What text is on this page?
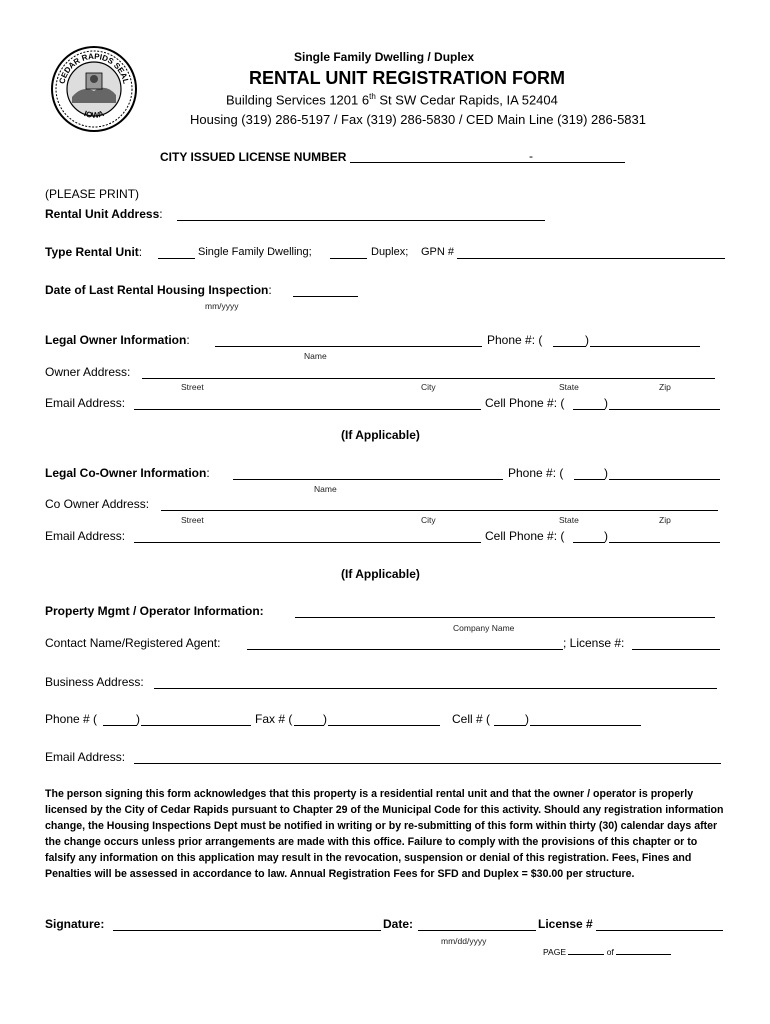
CEDAR RAPIDS SEAL
IOWA
Single Family Dwelling / Duplex
RENTAL UNIT REGISTRATION FORM
Building Services 1201 6th St SW Cedar Rapids, IA 52404
Housing (319) 286-5197 / Fax (319) 286-5830 / CED Main Line (319) 286-5831
CITY ISSUED LICENSE NUMBER	-
(PLEASE PRINT)
Rental Unit Address:
Type Rental Unit:	Single Family Dwelling;	Duplex; GPN #
Date of Last Rental Housing Inspection:
mm/yyyy
Legal Owner Information:	Phone #: (	)
Name
Owner Address:
Street	City	State	Zip
Email Address:	Cell Phone #: (	)
(If Applicable)
Legal Co-Owner Information:	Phone #: (	)
Name
Co Owner Address:
Street	City	State	Zip
Email Address:	Cell Phone #: (	)
(If Applicable)
Property Mgmt / Operator Information:
Company Name
Contact Name/Registered Agent:	; License #:
Business Address:
Phone # (	)	Fax # (	)	Cell # (	)
Email Address:
The person signing this form acknowledges that this property is a residential rental unit and that the owner / operator is properly licensed by the City of Cedar Rapids pursuant to Chapter 29 of the Municipal Code for this activity. Should any registration information change, the Housing Inspections Dept must be notified in writing or by re-submitting of this form within thirty (30) calendar days after the change occurs unless prior arrangements are made with this office. Failure to comply with the provisions of this chapter or to falsify any information on this application may result in the revocation, suspension or denial of this registration. Fees, Fines and Penalties will be assessed in accordance to law. Annual Registration Fees for SFD and Duplex = $30.00 per structure.
Signature:	Date:	License #
mm/dd/yyyy
PAGE	of
